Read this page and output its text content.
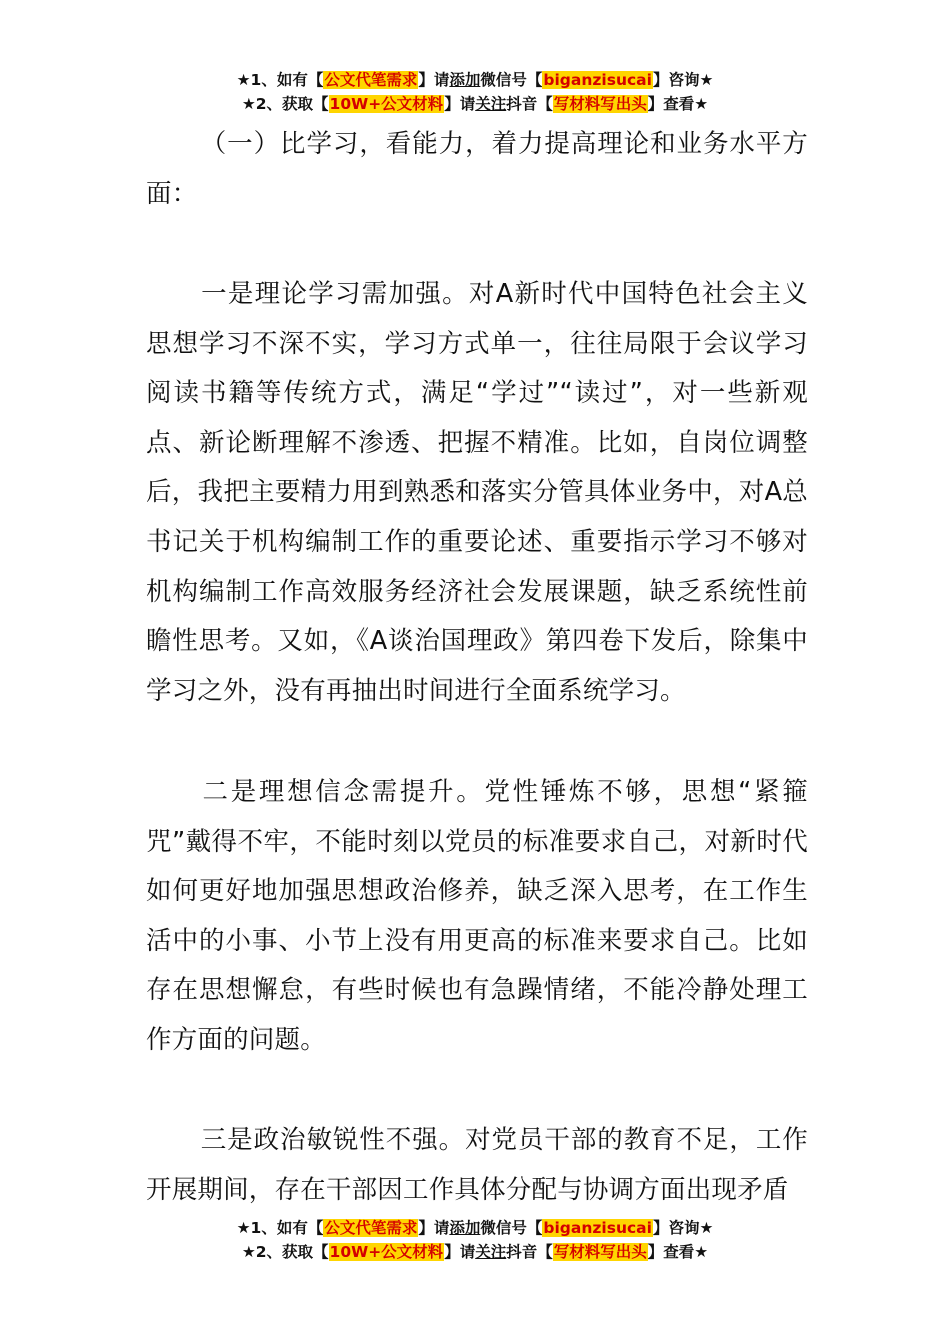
★1、如有【公文代笔需求】请添加微信号【biganzisucai】咨询★
★2、获取【10W+公文材料】请关注抖音【写材料写出头】查看★

（一）比学习，看能力，着力提高理论和业务水平方面：

一是理论学习需加强。对A新时代中国特色社会主义思想学习不深不实，学习方式单一，往往局限于会议学习阅读书籍等传统方式，满足“学过”“读过”，对一些新观点、新论断理解不渗透、把握不精准。比如，自岗位调整后，我把主要精力用到熟悉和落实分管具体业务中，对A总书记关于机构编制工作的重要论述、重要指示学习不够对机构编制工作高效服务经济社会发展课题，缺乏系统性前瞻性思考。又如，《A谈治国理政》第四卷下发后，除集中学习之外，没有再抽出时间进行全面系统学习。

二是理想信念需提升。党性锤炼不够，思想“紧箍咒”戴得不牢，不能时刻以党员的标准要求自己，对新时代如何更好地加强思想政治修养，缺乏深入思考，在工作生活中的小事、小节上没有用更高的标准来要求自己。比如存在思想懈怠，有些时候也有急躁情绪，不能冷静处理工作方面的问题。

三是政治敏锐性不强。对党员干部的教育不足，工作开展期间，存在干部因工作具体分配与协调方面出现矛盾

★1、如有【公文代笔需求】请添加微信号【biganzisucai】咨询★
★2、获取【10W+公文材料】请关注抖音【写材料写出头】查看★
